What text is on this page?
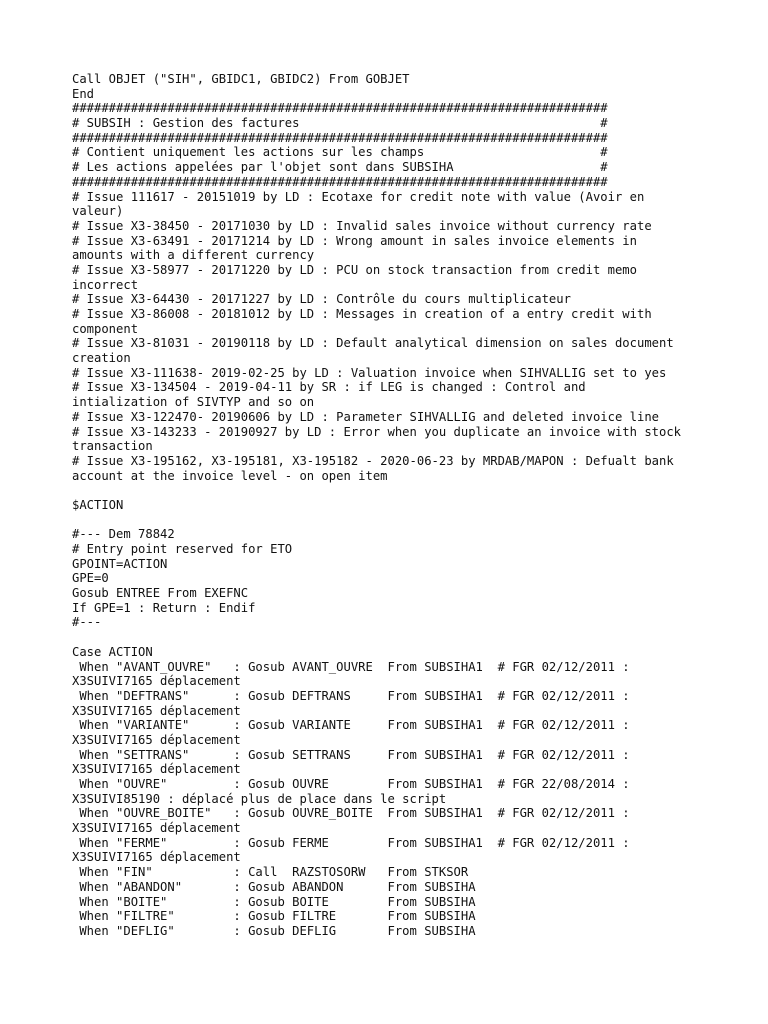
Call OBJET ("SIH", GBIDC1, GBIDC2) From GOBJET
End
#########################################################################
# SUBSIH : Gestion des factures                                         #
#########################################################################
# Contient uniquement les actions sur les champs                        #
# Les actions appelées par l'objet sont dans SUBSIHA                    #
#########################################################################
# Issue 111617 - 20151019 by LD : Ecotaxe for credit note with value (Avoir en
valeur)
# Issue X3-38450 - 20171030 by LD : Invalid sales invoice without currency rate
# Issue X3-63491 - 20171214 by LD : Wrong amount in sales invoice elements in
amounts with a different currency
# Issue X3-58977 - 20171220 by LD : PCU on stock transaction from credit memo
incorrect
# Issue X3-64430 - 20171227 by LD : Contrôle du cours multiplicateur
# Issue X3-86008 - 20181012 by LD : Messages in creation of a entry credit with
component
# Issue X3-81031 - 20190118 by LD : Default analytical dimension on sales document
creation
# Issue X3-111638- 2019-02-25 by LD : Valuation invoice when SIHVALLIG set to yes
# Issue X3-134504 - 2019-04-11 by SR : if LEG is changed : Control and
intialization of SIVTYP and so on
# Issue X3-122470- 20190606 by LD : Parameter SIHVALLIG and deleted invoice line
# Issue X3-143233 - 20190927 by LD : Error when you duplicate an invoice with stock
transaction
# Issue X3-195162, X3-195181, X3-195182 - 2020-06-23 by MRDAB/MAPON : Defualt bank
account at the invoice level - on open item
$ACTION
#--- Dem 78842
# Entry point reserved for ETO
GPOINT=ACTION
GPE=0
Gosub ENTREE From EXEFNC
If GPE=1 : Return : Endif
#---
Case ACTION
When "AVANT_OUVRE"   : Gosub AVANT_OUVRE  From SUBSIHA1  # FGR 02/12/2011 :
X3SUIVI7165 déplacement
When "DEFTRANS"      : Gosub DEFTRANS     From SUBSIHA1  # FGR 02/12/2011 :
X3SUIVI7165 déplacement
When "VARIANTE"      : Gosub VARIANTE     From SUBSIHA1  # FGR 02/12/2011 :
X3SUIVI7165 déplacement
When "SETTRANS"      : Gosub SETTRANS     From SUBSIHA1  # FGR 02/12/2011 :
X3SUIVI7165 déplacement
When "OUVRE"         : Gosub OUVRE        From SUBSIHA1  # FGR 22/08/2014 :
X3SUIVI85190 : déplacé plus de place dans le script
When "OUVRE_BOITE"   : Gosub OUVRE_BOITE  From SUBSIHA1  # FGR 02/12/2011 :
X3SUIVI7165 déplacement
When "FERME"         : Gosub FERME        From SUBSIHA1  # FGR 02/12/2011 :
X3SUIVI7165 déplacement
When "FIN"           : Call  RAZSTOSORW   From STKSOR
When "ABANDON"       : Gosub ABANDON      From SUBSIHA
When "BOITE"         : Gosub BOITE        From SUBSIHA
When "FILTRE"        : Gosub FILTRE       From SUBSIHA
When "DEFLIG"        : Gosub DEFLIG       From SUBSIHA
